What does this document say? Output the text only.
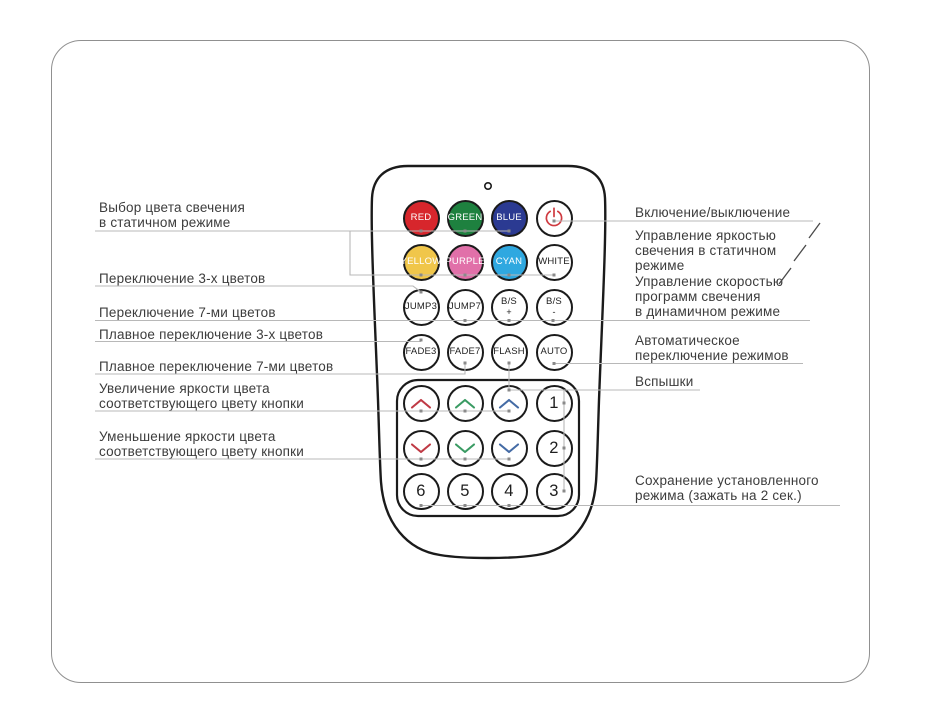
RED GREEN BLUE
YELLOW PURPLE CYAN WHITE
JUMP3 JUMP7 B/S
+
B/S
-
FADE3 FADE7 FLASH AUTO
1
2
6 5 4 3
Выбор цвета свечения
в статичном режиме
Переключение 3-х цветов
Переключение 7-ми цветов
Плавное переключение 3-х цветов
Плавное переключение 7-ми цветов
Увеличение яркости цвета
соответствующего цвету кнопки
Уменьшение яркости цвета
соответствующего цвету кнопки
Включение/выключение
Управление яркостью
свечения в статичном
режиме
Управление скоростью
программ свечения
в динамичном режиме
Автоматическое
переключение режимов
Вспышки
Сохранение установленного
режима (зажать на 2 сек.)
